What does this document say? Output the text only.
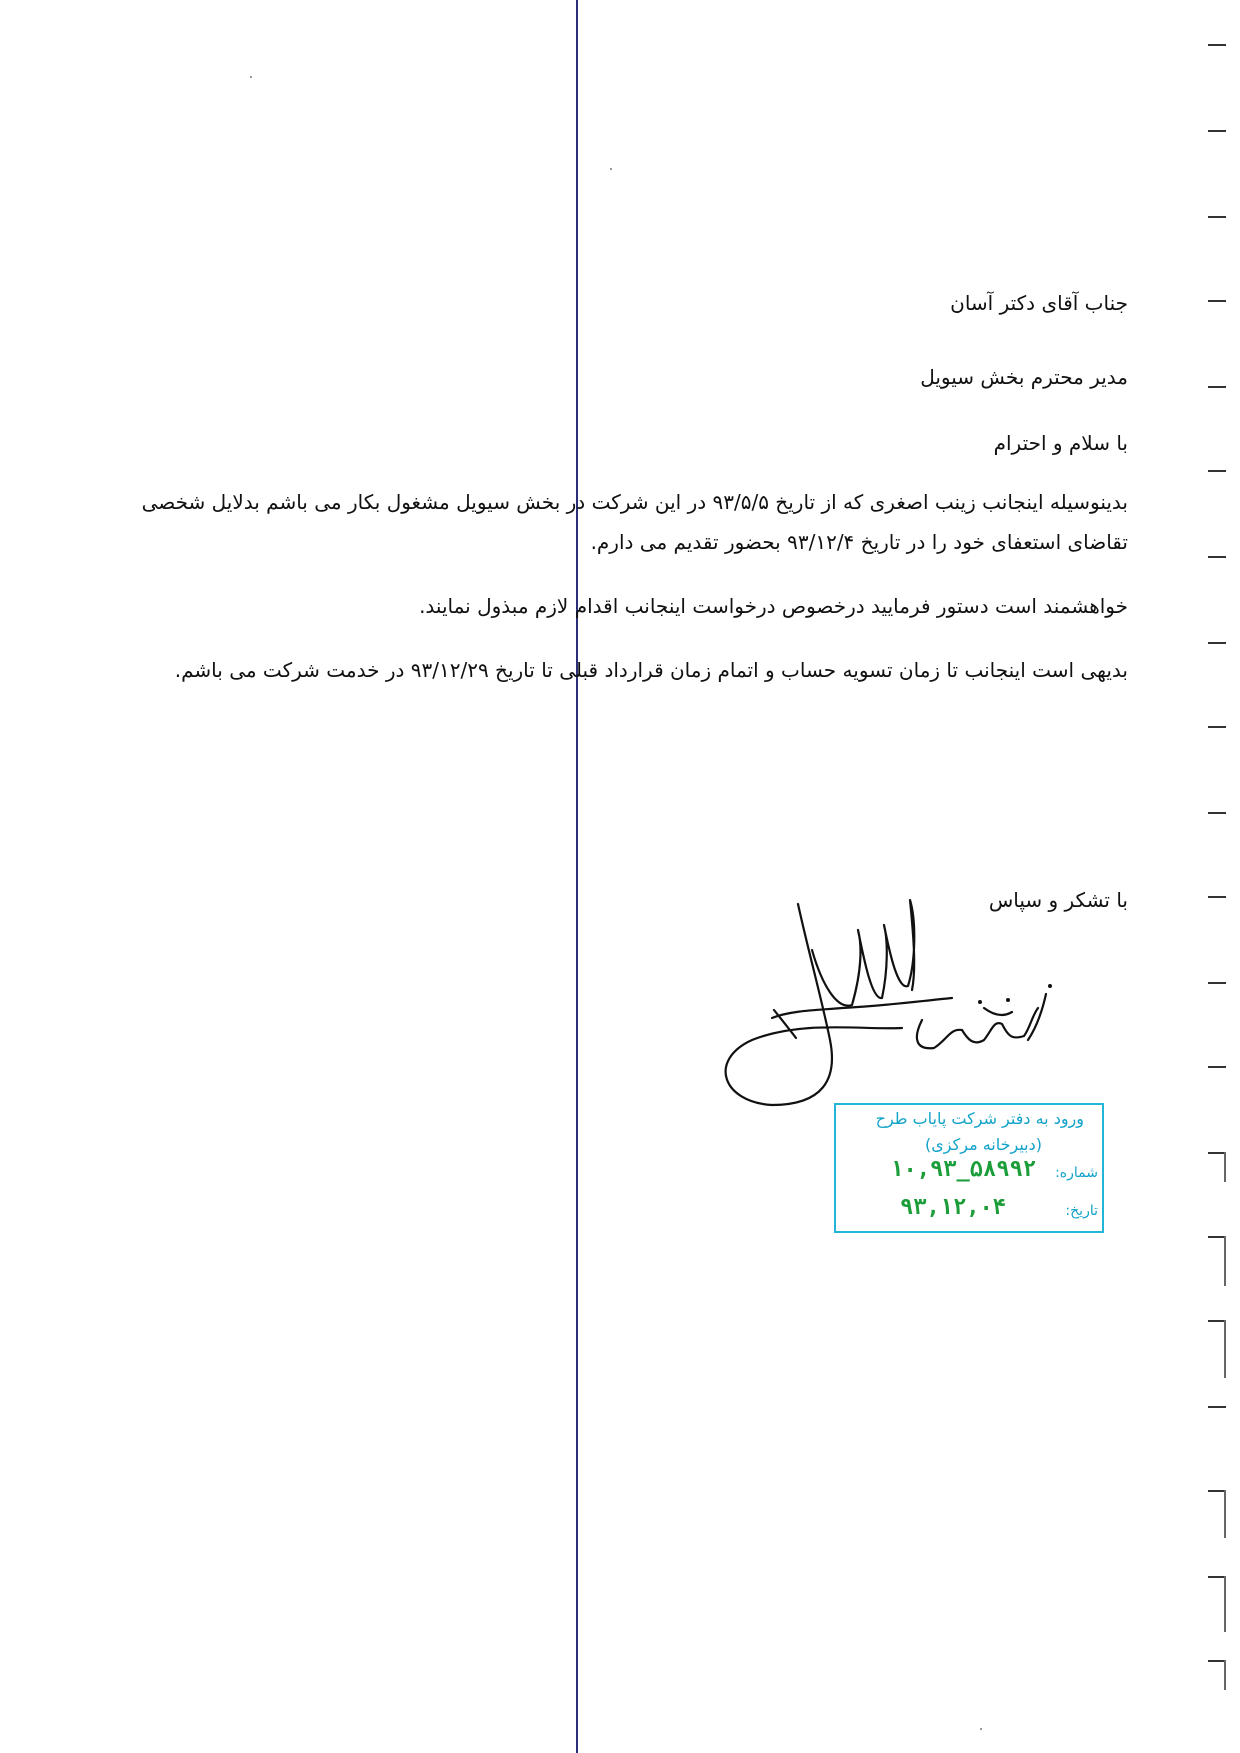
جناب آقای دکتر آسان

مدیر محترم بخش سیویل

با سلام و احترام

بدینوسیله اینجانب زینب اصغری که از تاریخ ۹۳/۵/۵ در این شرکت در بخش سیویل مشغول بکار می باشم بدلایل شخصی تقاضای استعفای خود را در تاریخ ۹۳/۱۲/۴ بحضور تقدیم می دارم.

خواهشمند است دستور فرمایید درخصوص درخواست اینجانب اقدام لازم مبذول نمایند.

بدیهی است اینجانب تا زمان تسویه حساب و اتمام زمان قرارداد قبلی تا تاریخ ۹۳/۱۲/۲۹ در خدمت شرکت می باشم.

با تشکر و سپاس
ورود به دفتر شرکت پایاب طرح
(دبیرخانه مرکزی)
شماره:
۱۰,۹۳_۵۸۹۹۲
تاریخ:
۹۳,۱۲,۰۴
